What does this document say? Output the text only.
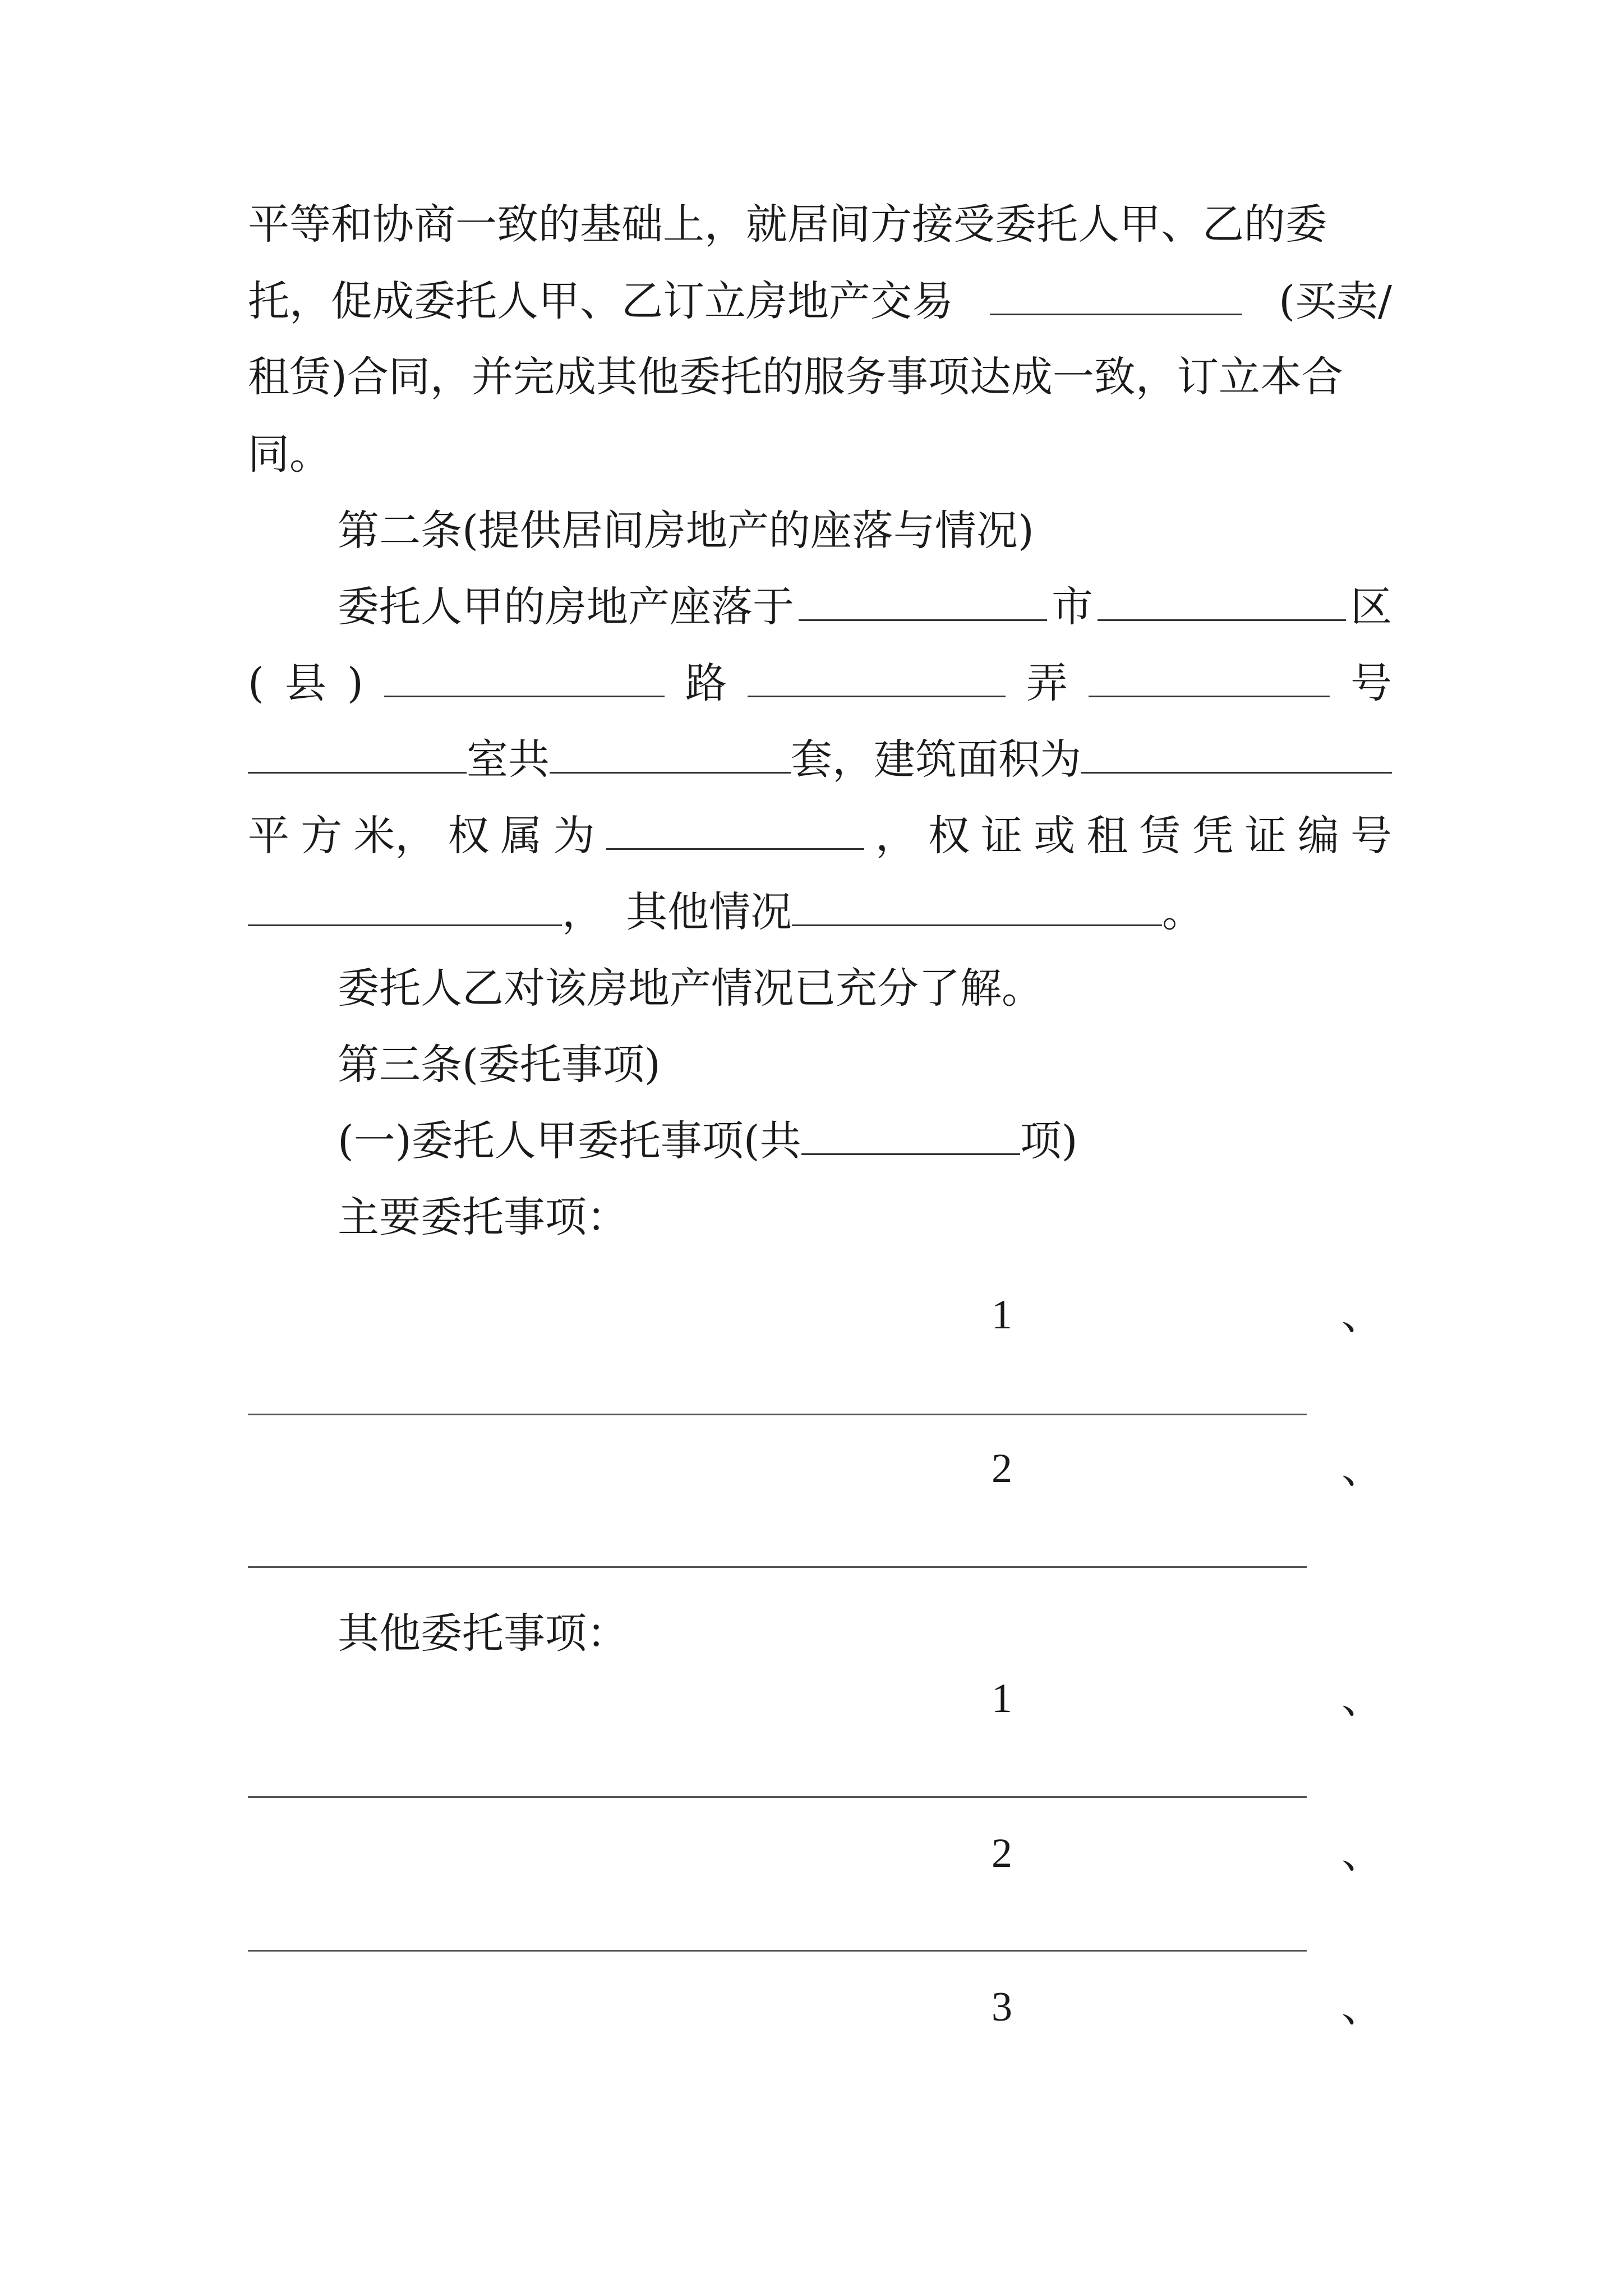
平等和协商一致的基础上，就居间方接受委托人甲、乙的委
托，促成委托人甲、乙订立房地产交易	(买卖/
租赁)合同，并完成其他委托的服务事项达成一致，订立本合
同。
第二条(提供居间房地产的座落与情况)
委托人甲的房地产座落于	市	区
( 县 )	路	弄	号
室共	套，建筑面积为
平 方 米， 权 属 为	， 权 证 或 租 赁 凭 证 编 号
， 其他情况	。
委托人乙对该房地产情况已充分了解。
第三条(委托事项)
(一)委托人甲委托事项(共	项)
主要委托事项：
1	、
2	、
其他委托事项：
1	、
2	、
3	、
